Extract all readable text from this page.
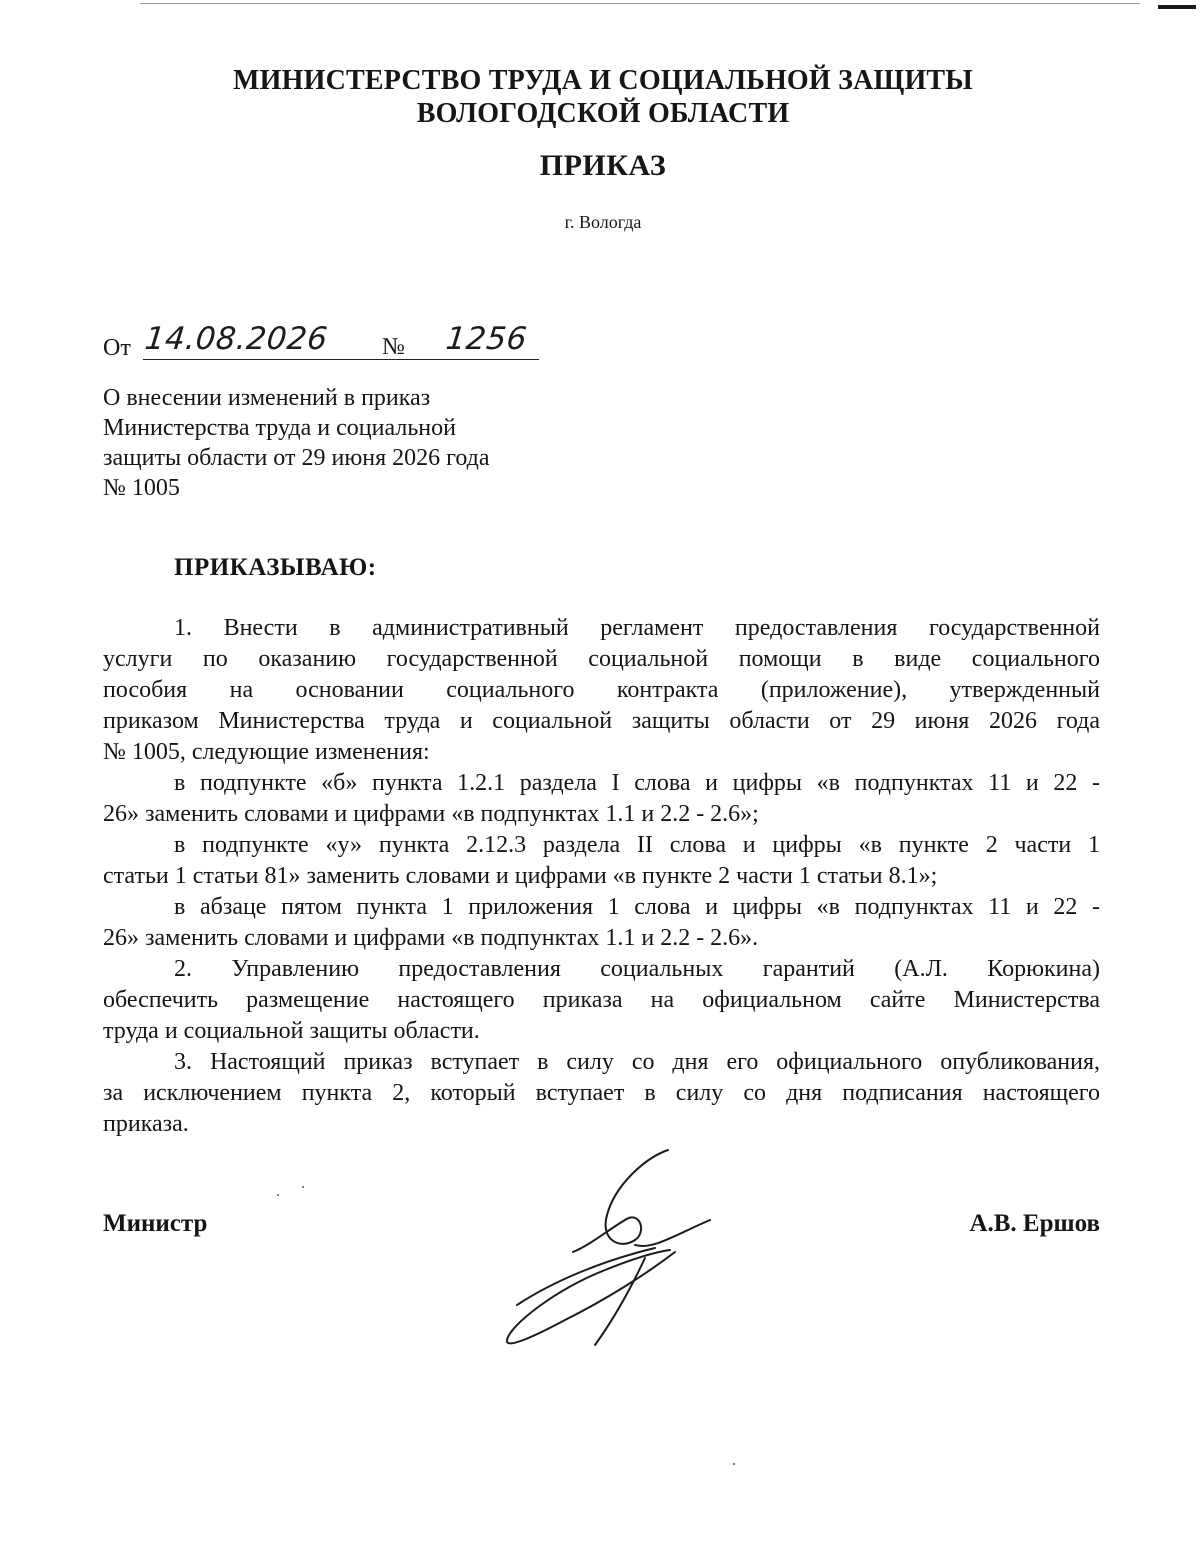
МИНИСТЕРСТВО ТРУДА И СОЦИАЛЬНОЙ ЗАЩИТЫ
ВОЛОГОДСКОЙ ОБЛАСТИ
ПРИКАЗ
г. Вологда
От 14.08.2026 № 1256
О внесении изменений в приказ
Министерства труда и социальной
защиты области от 29 июня 2026 года
№ 1005
ПРИКАЗЫВАЮ:
1. Внести в административный регламент предоставления государственной
услуги по оказанию государственной социальной помощи в виде социального
пособия на основании социального контракта (приложение), утвержденный
приказом Министерства труда и социальной защиты области от 29 июня 2026 года
№ 1005, следующие изменения:
в подпункте «б» пункта 1.2.1 раздела I слова и цифры «в подпунктах 11 и 22 -
26» заменить словами и цифрами «в подпунктах 1.1 и 2.2 - 2.6»;
в подпункте «у» пункта 2.12.3 раздела II слова и цифры «в пункте 2 части 1
статьи 1 статьи 81» заменить словами и цифрами «в пункте 2 части 1 статьи 8.1»;
в абзаце пятом пункта 1 приложения 1 слова и цифры «в подпунктах 11 и 22 -
26» заменить словами и цифрами «в подпунктах 1.1 и 2.2 - 2.6».
2. Управлению предоставления социальных гарантий (А.Л. Корюкина)
обеспечить размещение настоящего приказа на официальном сайте Министерства
труда и социальной защиты области.
3. Настоящий приказ вступает в силу со дня его официального опубликования,
за исключением пункта 2, который вступает в силу со дня подписания настоящего
приказа.
Министр	А.В. Ершов
